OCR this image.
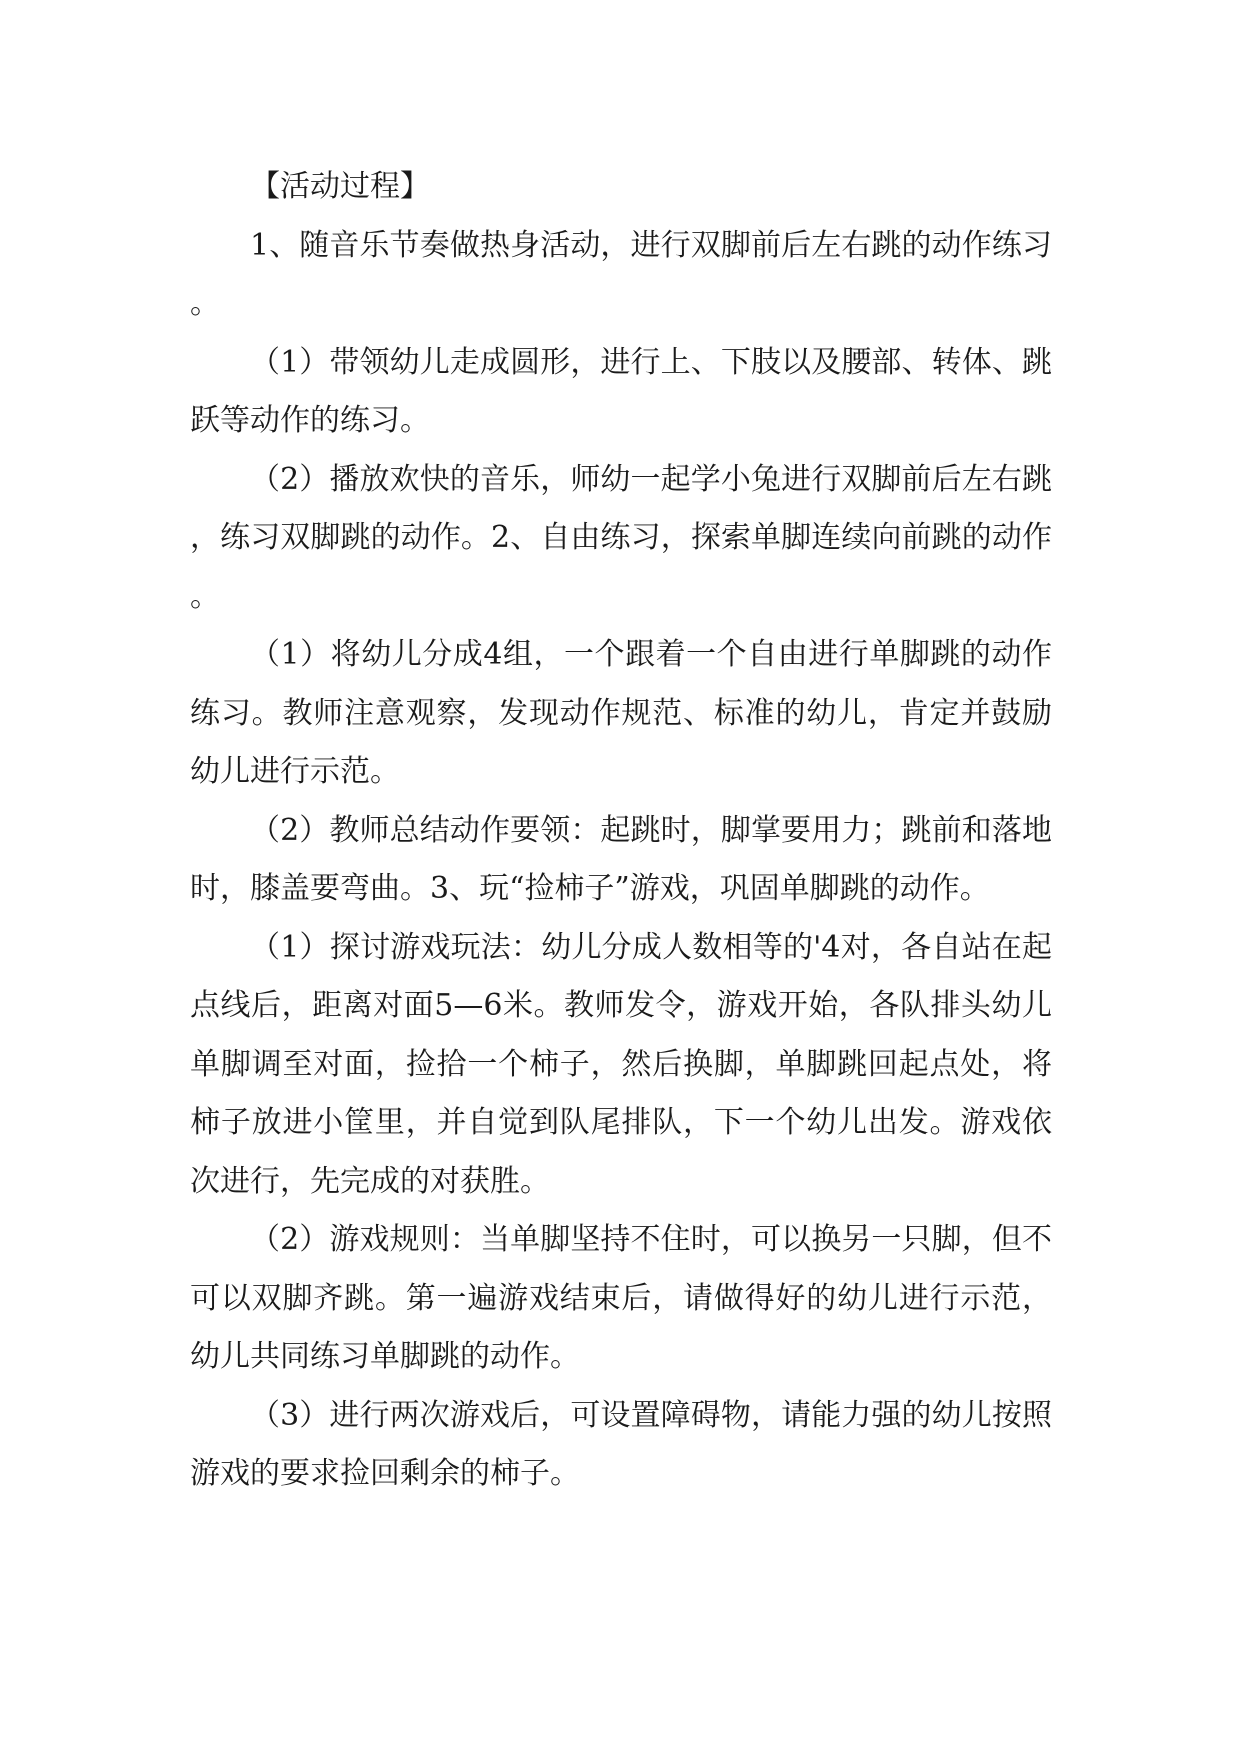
【活动过程】

1、随音乐节奏做热身活动，进行双脚前后左右跳的动作练习。

（1）带领幼儿走成圆形，进行上、下肢以及腰部、转体、跳跃等动作的练习。

（2）播放欢快的音乐，师幼一起学小兔进行双脚前后左右跳，练习双脚跳的动作。2、自由练习，探索单脚连续向前跳的动作。

（1）将幼儿分成4组，一个跟着一个自由进行单脚跳的动作练习。教师注意观察，发现动作规范、标准的幼儿，肯定并鼓励幼儿进行示范。

（2）教师总结动作要领：起跳时，脚掌要用力；跳前和落地时，膝盖要弯曲。3、玩“捡柿子”游戏，巩固单脚跳的动作。

（1）探讨游戏玩法：幼儿分成人数相等的'4对，各自站在起点线后，距离对面5—6米。教师发令，游戏开始，各队排头幼儿单脚调至对面，捡拾一个柿子，然后换脚，单脚跳回起点处，将柿子放进小筐里，并自觉到队尾排队，下一个幼儿出发。游戏依次进行，先完成的对获胜。

（2）游戏规则：当单脚坚持不住时，可以换另一只脚，但不可以双脚齐跳。第一遍游戏结束后，请做得好的幼儿进行示范，幼儿共同练习单脚跳的动作。

（3）进行两次游戏后，可设置障碍物，请能力强的幼儿按照游戏的要求捡回剩余的柿子。
